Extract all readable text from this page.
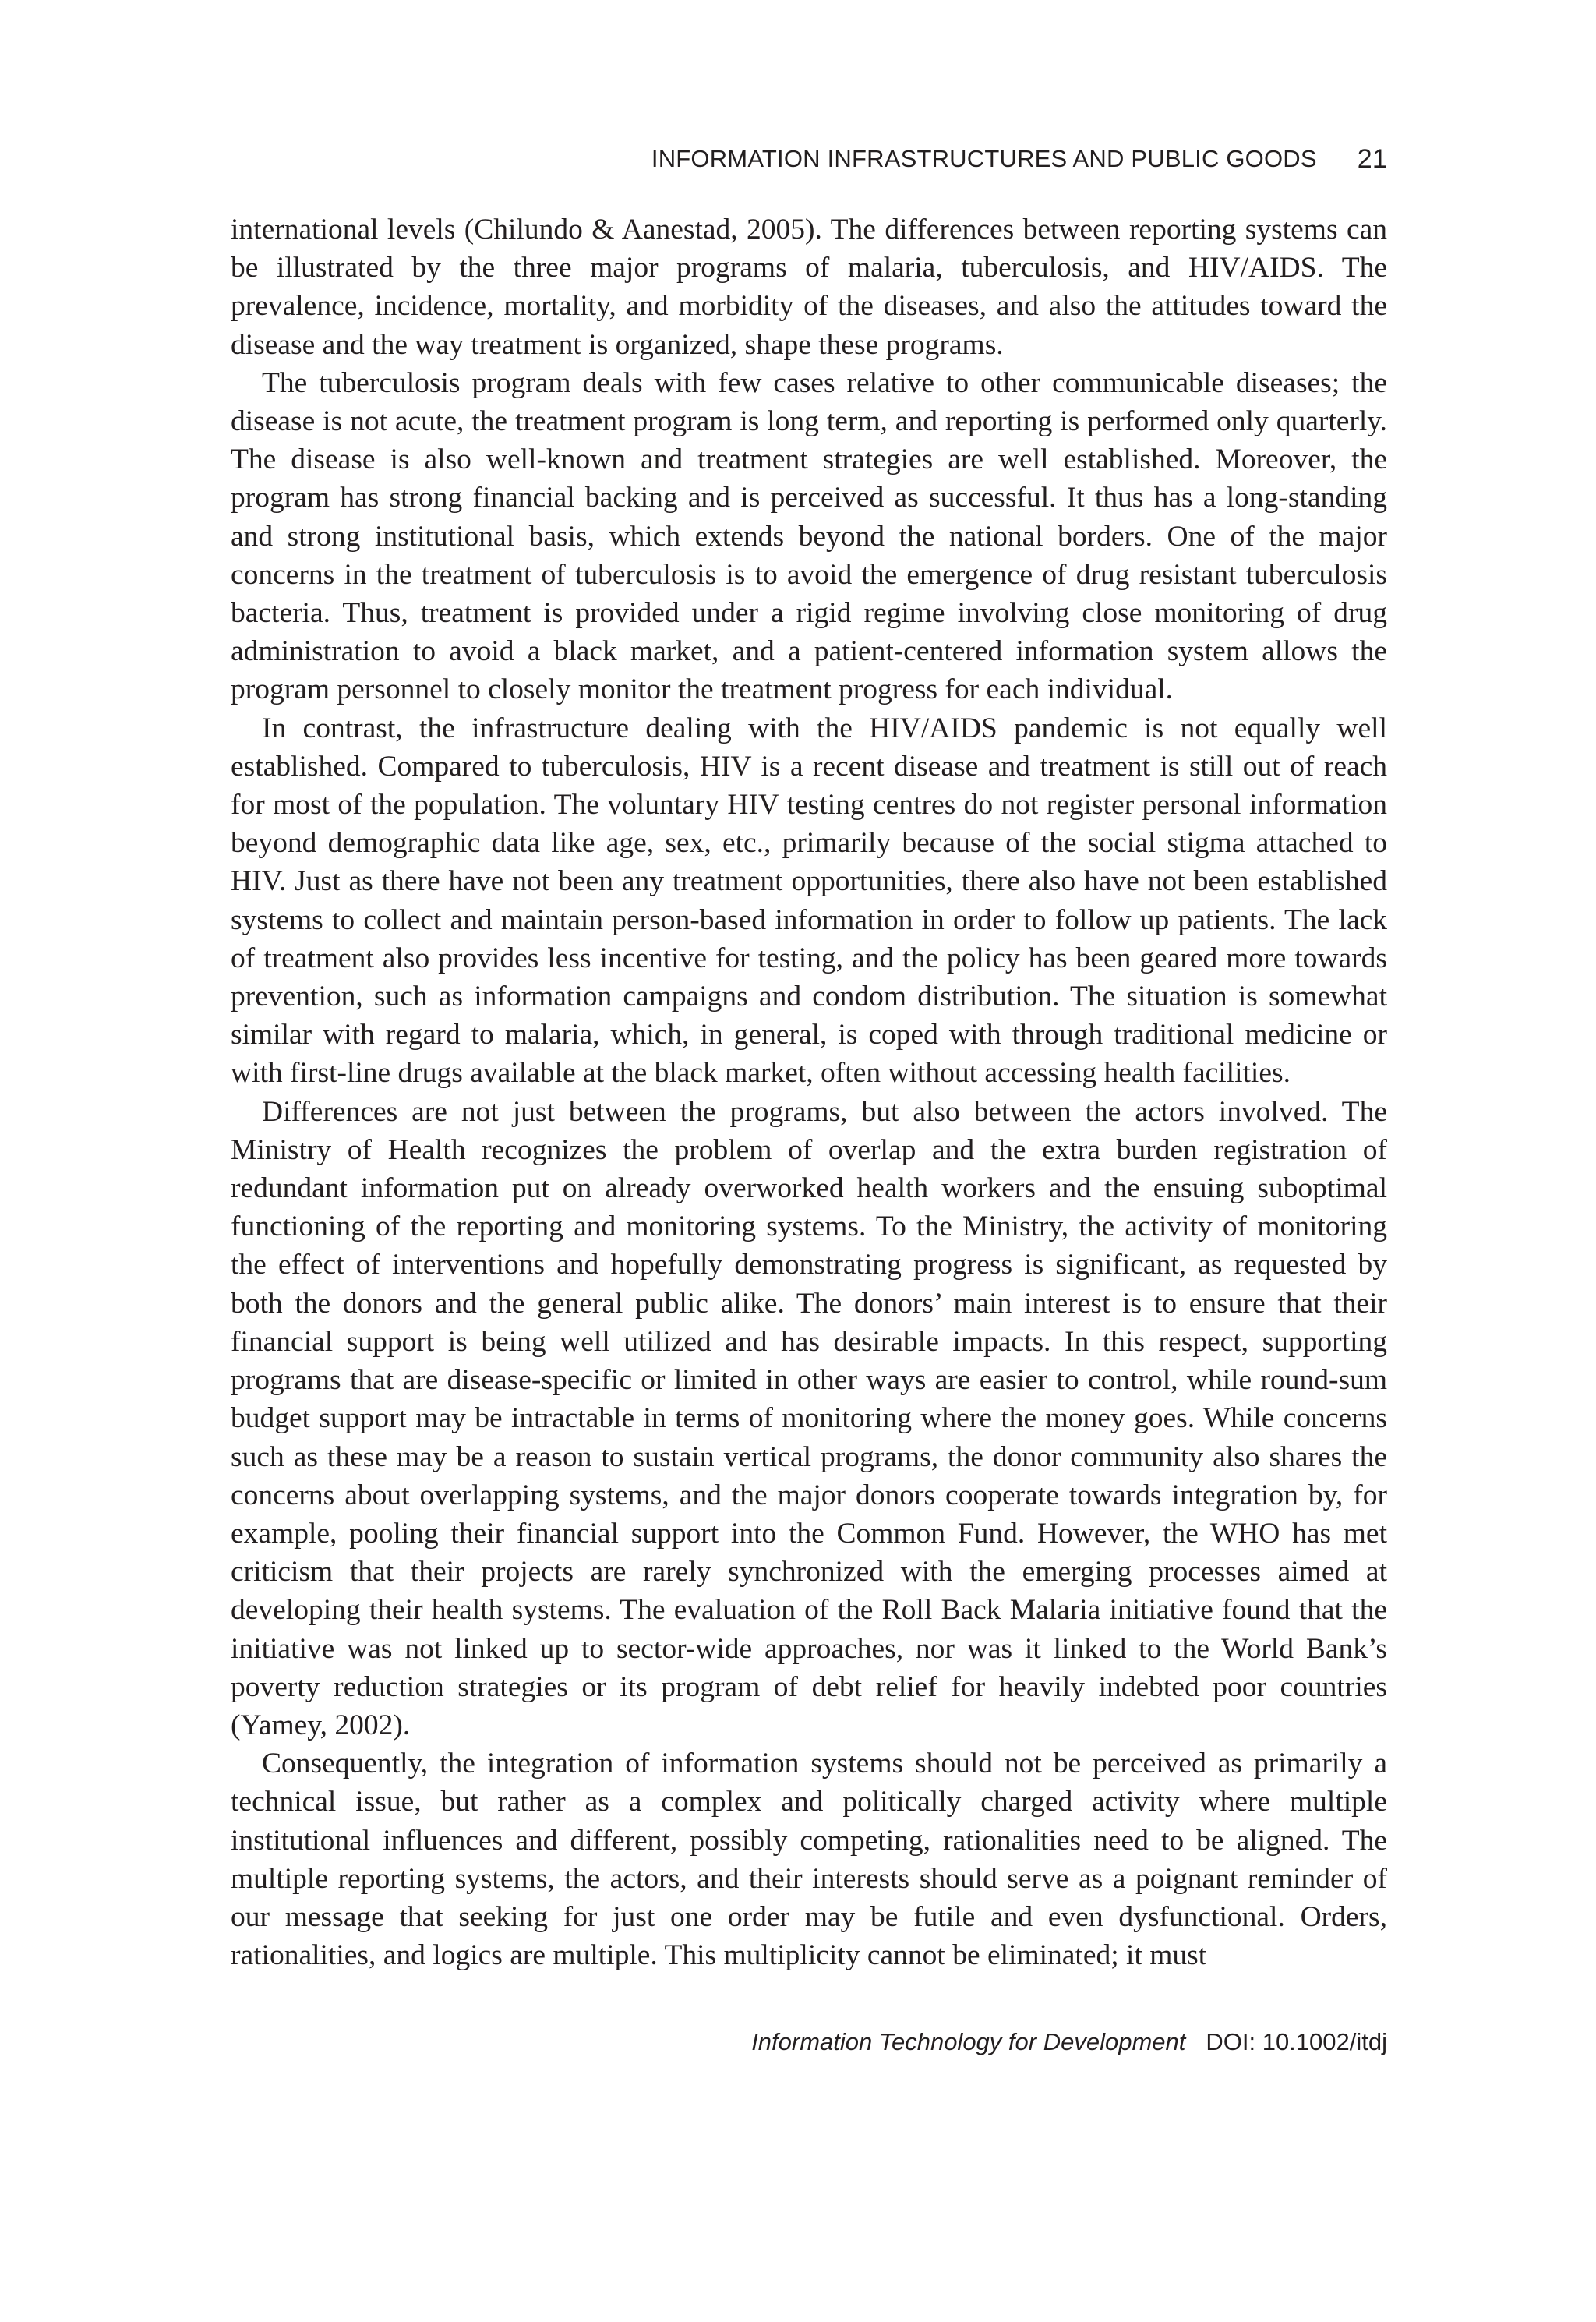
INFORMATION INFRASTRUCTURES AND PUBLIC GOODS 21

international levels (Chilundo & Aanestad, 2005). The differences between reporting systems can be illustrated by the three major programs of malaria, tuberculosis, and HIV/AIDS. The prevalence, incidence, mortality, and morbidity of the diseases, and also the attitudes toward the disease and the way treatment is organized, shape these programs.

The tuberculosis program deals with few cases relative to other communicable diseases; the disease is not acute, the treatment program is long term, and reporting is performed only quarterly. The disease is also well-known and treatment strategies are well established. Moreover, the program has strong financial backing and is perceived as successful. It thus has a long-standing and strong institutional basis, which extends beyond the national borders. One of the major concerns in the treatment of tuberculosis is to avoid the emergence of drug resistant tuberculosis bacteria. Thus, treatment is provided under a rigid regime involving close monitoring of drug administration to avoid a black market, and a patient-centered information system allows the program personnel to closely monitor the treatment progress for each individual.

In contrast, the infrastructure dealing with the HIV/AIDS pandemic is not equally well established. Compared to tuberculosis, HIV is a recent disease and treatment is still out of reach for most of the population. The voluntary HIV testing centres do not register personal information beyond demographic data like age, sex, etc., primarily because of the social stigma attached to HIV. Just as there have not been any treatment opportunities, there also have not been established systems to collect and maintain person-based information in order to follow up patients. The lack of treatment also provides less incentive for testing, and the policy has been geared more towards prevention, such as information campaigns and condom distribution. The situation is somewhat similar with regard to malaria, which, in general, is coped with through traditional medicine or with first-line drugs available at the black market, often without accessing health facilities.

Differences are not just between the programs, but also between the actors involved. The Ministry of Health recognizes the problem of overlap and the extra burden registration of redundant information put on already overworked health workers and the ensuing suboptimal functioning of the reporting and monitoring systems. To the Ministry, the activity of monitoring the effect of interventions and hopefully demonstrating progress is significant, as requested by both the donors and the general public alike. The donors’ main interest is to ensure that their financial support is being well utilized and has desirable impacts. In this respect, supporting programs that are disease-specific or limited in other ways are easier to control, while round-sum budget support may be intractable in terms of monitoring where the money goes. While concerns such as these may be a reason to sustain vertical programs, the donor community also shares the concerns about overlapping systems, and the major donors cooperate towards integration by, for example, pooling their financial support into the Common Fund. However, the WHO has met criticism that their projects are rarely synchronized with the emerging processes aimed at developing their health systems. The evaluation of the Roll Back Malaria initiative found that the initiative was not linked up to sector-wide approaches, nor was it linked to the World Bank’s poverty reduction strategies or its program of debt relief for heavily indebted poor countries (Yamey, 2002).

Consequently, the integration of information systems should not be perceived as primarily a technical issue, but rather as a complex and politically charged activity where multiple institutional influences and different, possibly competing, rationalities need to be aligned. The multiple reporting systems, the actors, and their interests should serve as a poignant reminder of our message that seeking for just one order may be futile and even dysfunctional. Orders, rationalities, and logics are multiple. This multiplicity cannot be eliminated; it must

Information Technology for Development DOI: 10.1002/itdj
